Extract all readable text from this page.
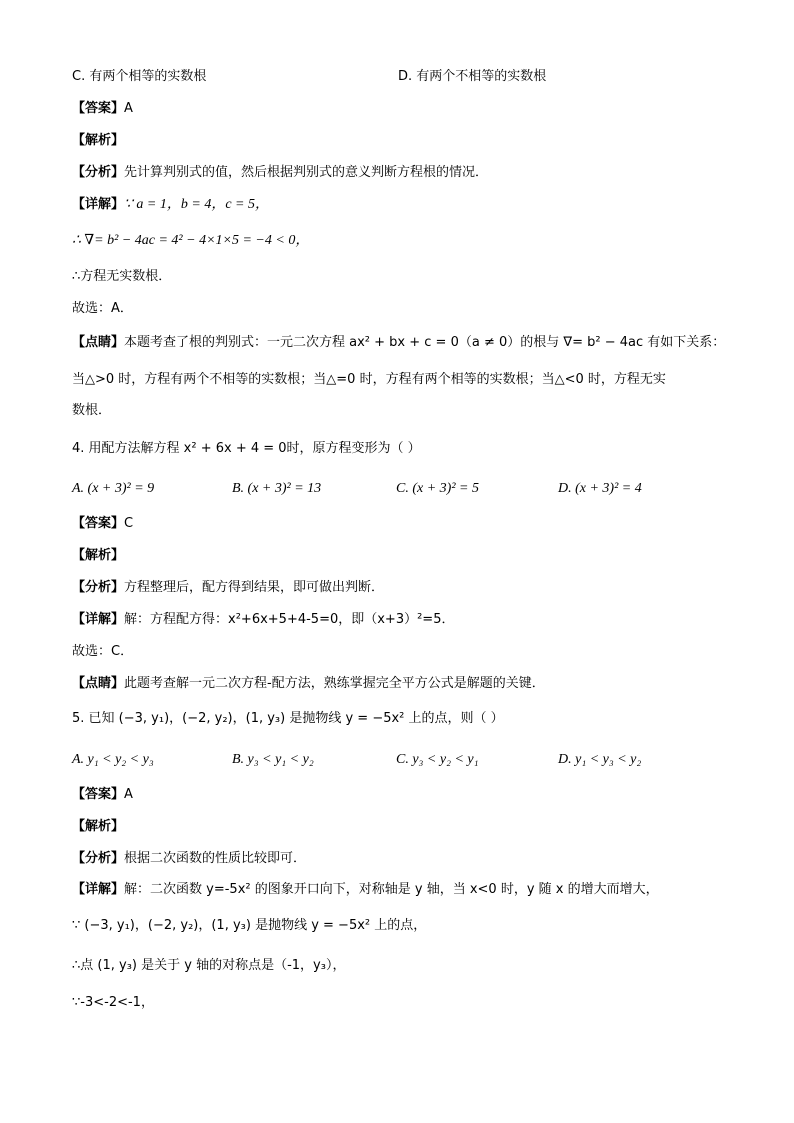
C. 有两个相等的实数根	D. 有两个不相等的实数根
【答案】A
【解析】
【分析】先计算判别式的值，然后根据判别式的意义判断方程根的情况．
【详解】∵ a = 1，b = 4，c = 5，
∴ ∇= b² − 4ac = 4² − 4×1×5 = −4 < 0，
∴方程无实数根．
故选：A．
【点睛】本题考查了根的判别式：一元二次方程 ax² + bx + c = 0（a ≠ 0）的根与 ∇= b² − 4ac 有如下关系：
当△>0 时，方程有两个不相等的实数根；当△=0 时，方程有两个相等的实数根；当△<0 时，方程无实
数根．
4. 用配方法解方程 x² + 6x + 4 = 0时，原方程变形为（ ）
A. (x + 3)² = 9	B. (x + 3)² = 13	C. (x + 3)² = 5	D. (x + 3)² = 4
【答案】C
【解析】
【分析】方程整理后，配方得到结果，即可做出判断．
【详解】解：方程配方得：x²+6x+5+4-5=0，即（x+3）²=5．
故选：C．
【点睛】此题考查解一元二次方程-配方法，熟练掌握完全平方公式是解题的关键．
5. 已知 (−3, y₁)，(−2, y₂)，(1, y₃) 是抛物线 y = −5x² 上的点，则（ ）
A. y₁ < y₂ < y₃	B. y₃ < y₁ < y₂	C. y₃ < y₂ < y₁	D. y₁ < y₃ < y₂
【答案】A
【解析】
【分析】根据二次函数的性质比较即可．
【详解】解：二次函数 y=-5x² 的图象开口向下，对称轴是 y 轴，当 x<0 时，y 随 x 的增大而增大，
∵ (−3, y₁)，(−2, y₂)，(1, y₃) 是抛物线 y = −5x² 上的点，
∴点 (1, y₃) 是关于 y 轴的对称点是（-1，y₃），
∵-3<-2<-1，
